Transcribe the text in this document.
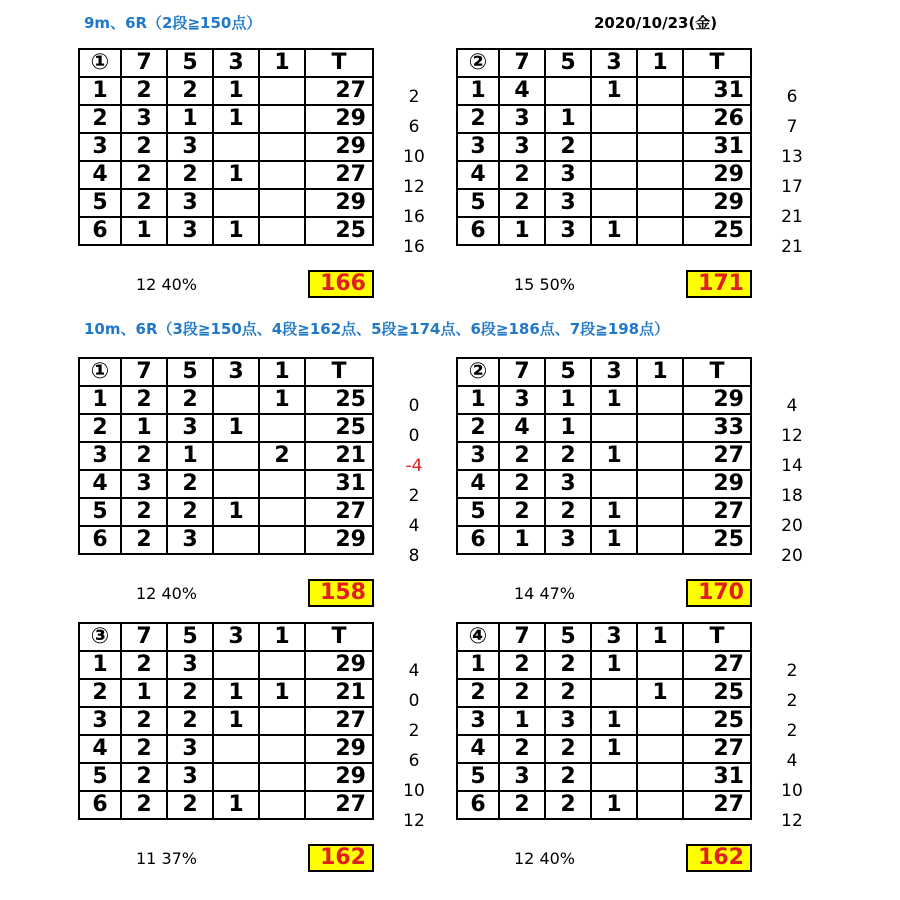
9m、6R（2段≧150点）	2020/10/23(金)
10m、6R（3段≧150点、4段≧162点、5段≧174点、6段≧186点、7段≧198点）
2
6
10
12
16
16
①	7	5	3	1	T
1	2	2	1		27
2	3	1	1		29
3	2	3			29
4	2	2	1		27
5	2	3			29
6	1	3	1		25
12 40%	166
6
7
13
17
21
21
②	7	5	3	1	T
1	4		1		31
2	3	1			26
3	3	2			31
4	2	3			29
5	2	3			29
6	1	3	1		25
15 50%	171
0
0
-4
2
4
8
①	7	5	3	1	T
1	2	2		1	25
2	1	3	1		25
3	2	1		2	21
4	3	2			31
5	2	2	1		27
6	2	3			29
12 40%	158
4
12
14
18
20
20
②	7	5	3	1	T
1	3	1	1		29
2	4	1			33
3	2	2	1		27
4	2	3			29
5	2	2	1		27
6	1	3	1		25
14 47%	170
4
0
2
6
10
12
③	7	5	3	1	T
1	2	3			29
2	1	2	1	1	21
3	2	2	1		27
4	2	3			29
5	2	3			29
6	2	2	1		27
11 37%	162
2
2
2
4
10
12
④	7	5	3	1	T
1	2	2	1		27
2	2	2		1	25
3	1	3	1		25
4	2	2	1		27
5	3	2			31
6	2	2	1		27
12 40%	162
